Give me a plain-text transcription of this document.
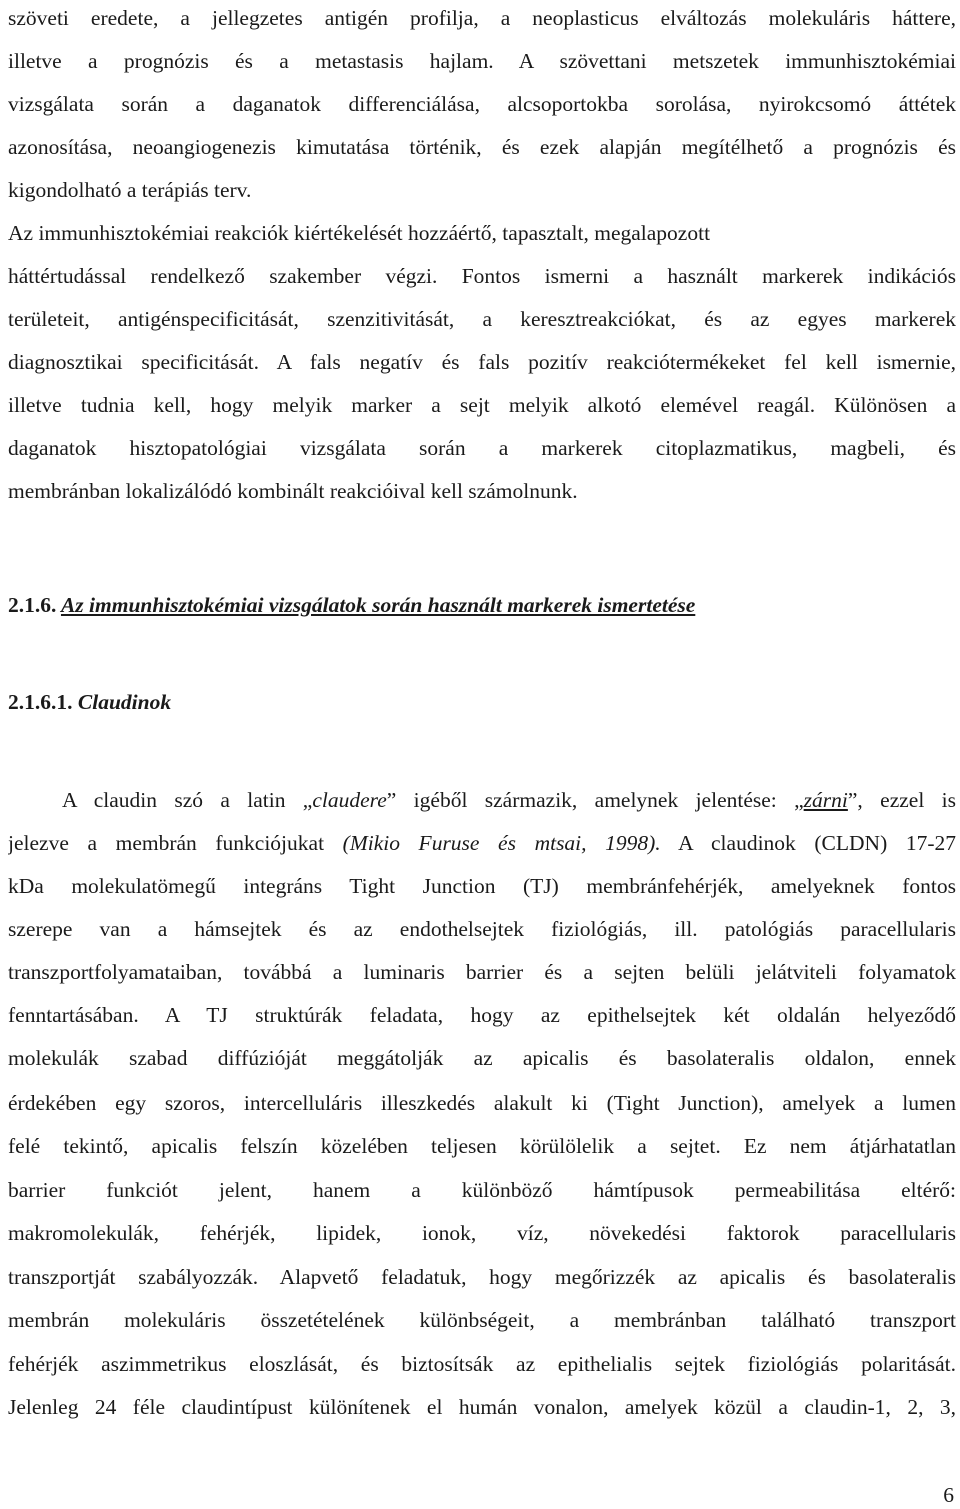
szöveti eredete, a jellegzetes antigén profilja, a neoplasticus elváltozás molekuláris háttere,
illetve a prognózis és a metastasis hajlam. A szövettani metszetek immunhisztokémiai
vizsgálata során a daganatok differenciálása, alcsoportokba sorolása, nyirokcsomó áttétek
azonosítása, neoangiogenezis kimutatása történik, és ezek alapján megítélhető a prognózis és
kigondolható a terápiás terv.
Az immunhisztokémiai reakciók kiértékelését hozzáértő, tapasztalt, megalapozott
háttértudással rendelkező szakember végzi. Fontos ismerni a használt markerek indikációs
területeit, antigénspecificitását, szenzitivitását, a keresztreakciókat, és az egyes markerek
diagnosztikai specificitását. A fals negatív és fals pozitív reakciótermékeket fel kell ismernie,
illetve tudnia kell, hogy melyik marker a sejt melyik alkotó elemével reagál. Különösen a
daganatok hisztopatológiai vizsgálata során a markerek citoplazmatikus, magbeli, és
membránban lokalizálódó kombinált reakcióival kell számolnunk.
2.1.6. Az immunhisztokémiai vizsgálatok során használt markerek ismertetése
2.1.6.1. Claudinok
A claudin szó a latin „claudere” igéből származik, amelynek jelentése: „zárni”, ezzel is
jelezve a membrán funkciójukat (Mikio Furuse és mtsai, 1998). A claudinok (CLDN) 17-27
kDa molekulatömegű integráns Tight Junction (TJ) membránfehérjék, amelyeknek fontos
szerepe van a hámsejtek és az endothelsejtek fiziológiás, ill. patológiás paracellularis
transzportfolyamataiban, továbbá a luminaris barrier és a sejten belüli jelátviteli folyamatok
fenntartásában. A TJ struktúrák feladata, hogy az epithelsejtek két oldalán helyeződő
molekulák szabad diffúzióját meggátolják az apicalis és basolateralis oldalon, ennek
érdekében egy szoros, intercelluláris illeszkedés alakult ki (Tight Junction), amelyek a lumen
felé tekintő, apicalis felszín közelében teljesen körülölelik a sejtet. Ez nem átjárhatatlan
barrier funkciót jelent, hanem a különböző hámtípusok permeabilitása eltérő:
makromolekulák, fehérjék, lipidek, ionok, víz, növekedési faktorok paracellularis
transzportját szabályozzák. Alapvető feladatuk, hogy megőrizzék az apicalis és basolateralis
membrán molekuláris összetételének különbségeit, a membránban található transzport
fehérjék aszimmetrikus eloszlását, és biztosítsák az epithelialis sejtek fiziológiás polaritását.
Jelenleg 24 féle claudintípust különítenek el humán vonalon, amelyek közül a claudin-1, 2, 3,
6
